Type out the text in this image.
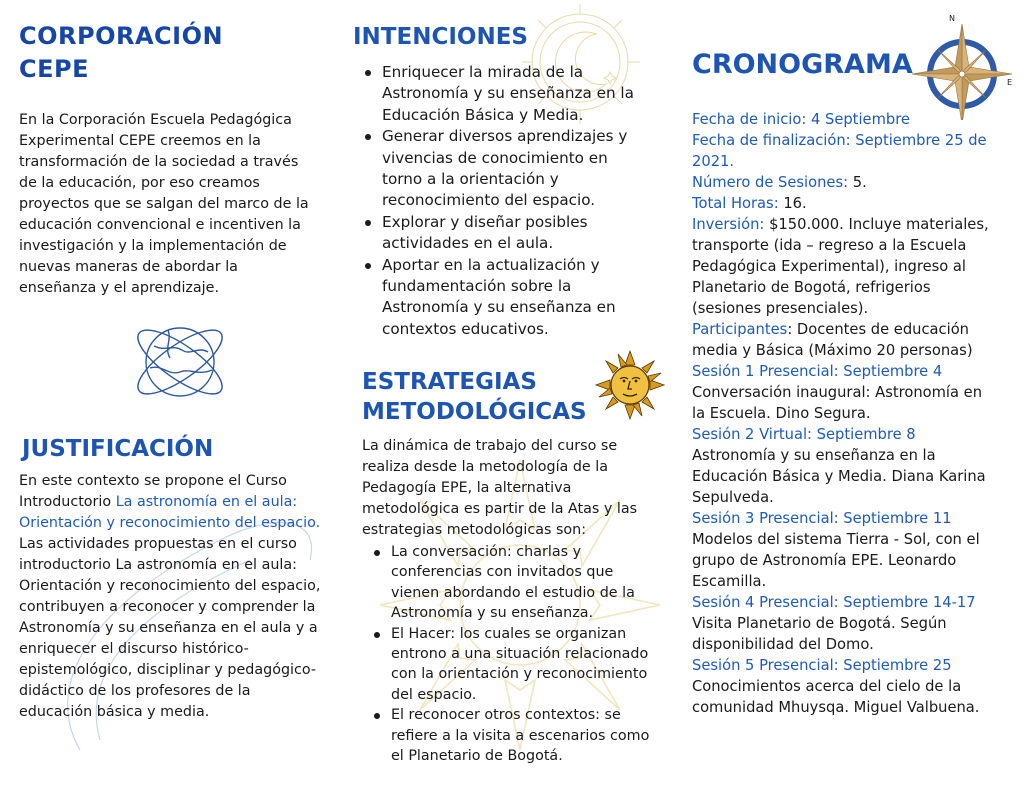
CORPORACIÓN
CEPE

En la Corporación Escuela Pedagógica Experimental CEPE creemos en la transformación de la sociedad a través de la educación, por eso creamos proyectos que se salgan del marco de la educación convencional e incentiven la investigación y la implementación de nuevas maneras de abordar la enseñanza y el aprendizaje.

JUSTIFICACIÓN

En este contexto se propone el Curso Introductorio La astronomía en el aula: Orientación y reconocimiento del espacio. Las actividades propuestas en el curso introductorio La astronomía en el aula: Orientación y reconocimiento del espacio, contribuyen a reconocer y comprender la Astronomía y su enseñanza en el aula y a enriquecer el discurso histórico-epistemológico, disciplinar y pedagógico-didáctico de los profesores de la educación básica y media.

INTENCIONES
Enriquecer la mirada de la Astronomía y su enseñanza en la Educación Básica y Media.
Generar diversos aprendizajes y vivencias de conocimiento en torno a la orientación y reconocimiento del espacio.
Explorar y diseñar posibles actividades en el aula.
Aportar en la actualización y fundamentación sobre la Astronomía y su enseñanza en contextos educativos.
ESTRATEGIAS
METODOLÓGICAS

La dinámica de trabajo del curso se realiza desde la metodología de la Pedagogía EPE, la alternativa metodológica es partir de la Atas y las estrategias metodológicas son:

La conversación: charlas y conferencias con invitados que vienen abordando el estudio de la Astronomía y su enseñanza.
El Hacer: los cuales se organizan entrono a una situación relacionado con la orientación y reconocimiento del espacio.
El reconocer otros contextos: se refiere a la visita a escenarios como el Planetario de Bogotá.
CRONOGRAMA
N
O	E
Fecha de inicio: 4 Septiembre
Fecha de finalización: Septiembre 25 de 2021.
Número de Sesiones: 5.
Total Horas: 16.
Inversión: $150.000. Incluye materiales, transporte (ida – regreso a la Escuela Pedagógica Experimental), ingreso al Planetario de Bogotá, refrigerios (sesiones presenciales).
Participantes: Docentes de educación media y Básica (Máximo 20 personas)
Sesión 1 Presencial: Septiembre 4
Conversación inaugural: Astronomía en la Escuela. Dino Segura.
Sesión 2 Virtual: Septiembre 8
Astronomía y su enseñanza en la Educación Básica y Media. Diana Karina Sepulveda.
Sesión 3 Presencial: Septiembre 11
Modelos del sistema Tierra - Sol, con el grupo de Astronomía EPE. Leonardo Escamilla.
Sesión 4 Presencial: Septiembre 14-17
Visita Planetario de Bogotá. Según disponibilidad del Domo.
Sesión 5 Presencial: Septiembre 25
Conocimientos acerca del cielo de la comunidad Mhuysqa. Miguel Valbuena.
